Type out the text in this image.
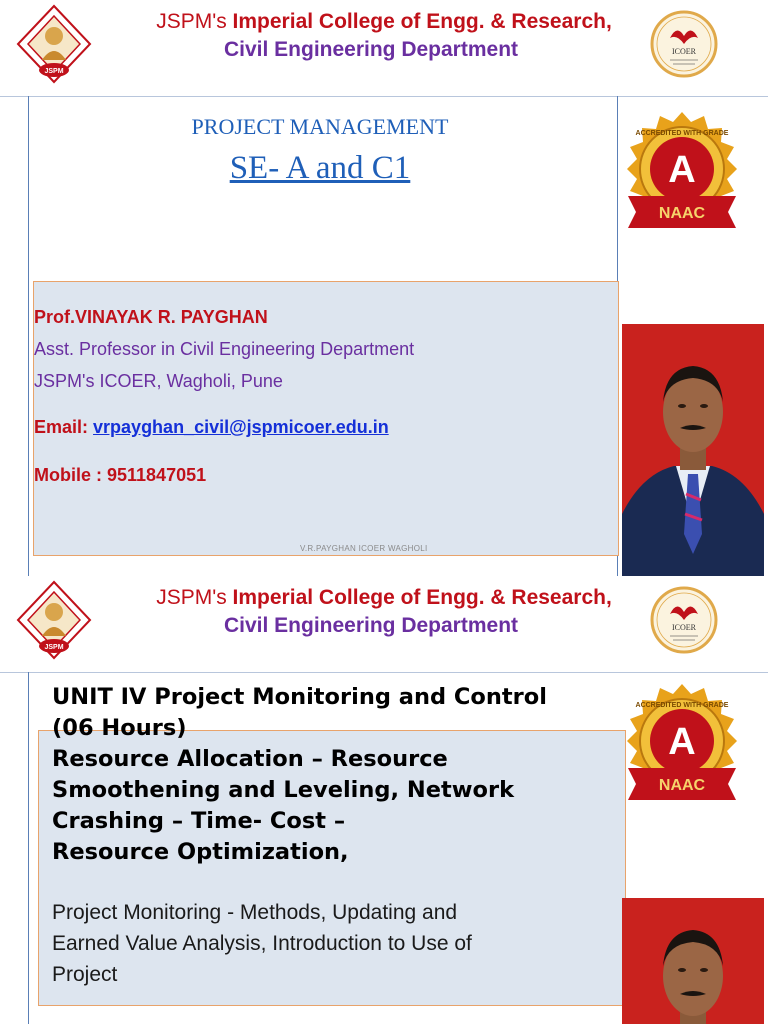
JSPM
JSPM's Imperial College of Engg. & Research,
Civil Engineering Department	ICOER
PROJECT MANAGEMENT
SE- A and C1	A
NAAC
ACCREDITED WITH GRADE
Prof.VINAYAK R. PAYGHAN
Asst. Professor in Civil Engineering Department
JSPM's ICOER, Wagholi, Pune
Email: vrpayghan_civil@jspmicoer.edu.in
Mobile : 9511847051
V.R.PAYGHAN ICOER WAGHOLI
JSPM
JSPM's Imperial College of Engg. & Research,
Civil Engineering Department	ICOER
A
NAAC
ACCREDITED WITH GRADE
UNIT IV Project Monitoring and Control
(06 Hours)
Resource Allocation – Resource
Smoothening and Leveling, Network
Crashing – Time- Cost –
Resource Optimization,
Project Monitoring - Methods, Updating and
Earned Value Analysis, Introduction to Use of
Project
